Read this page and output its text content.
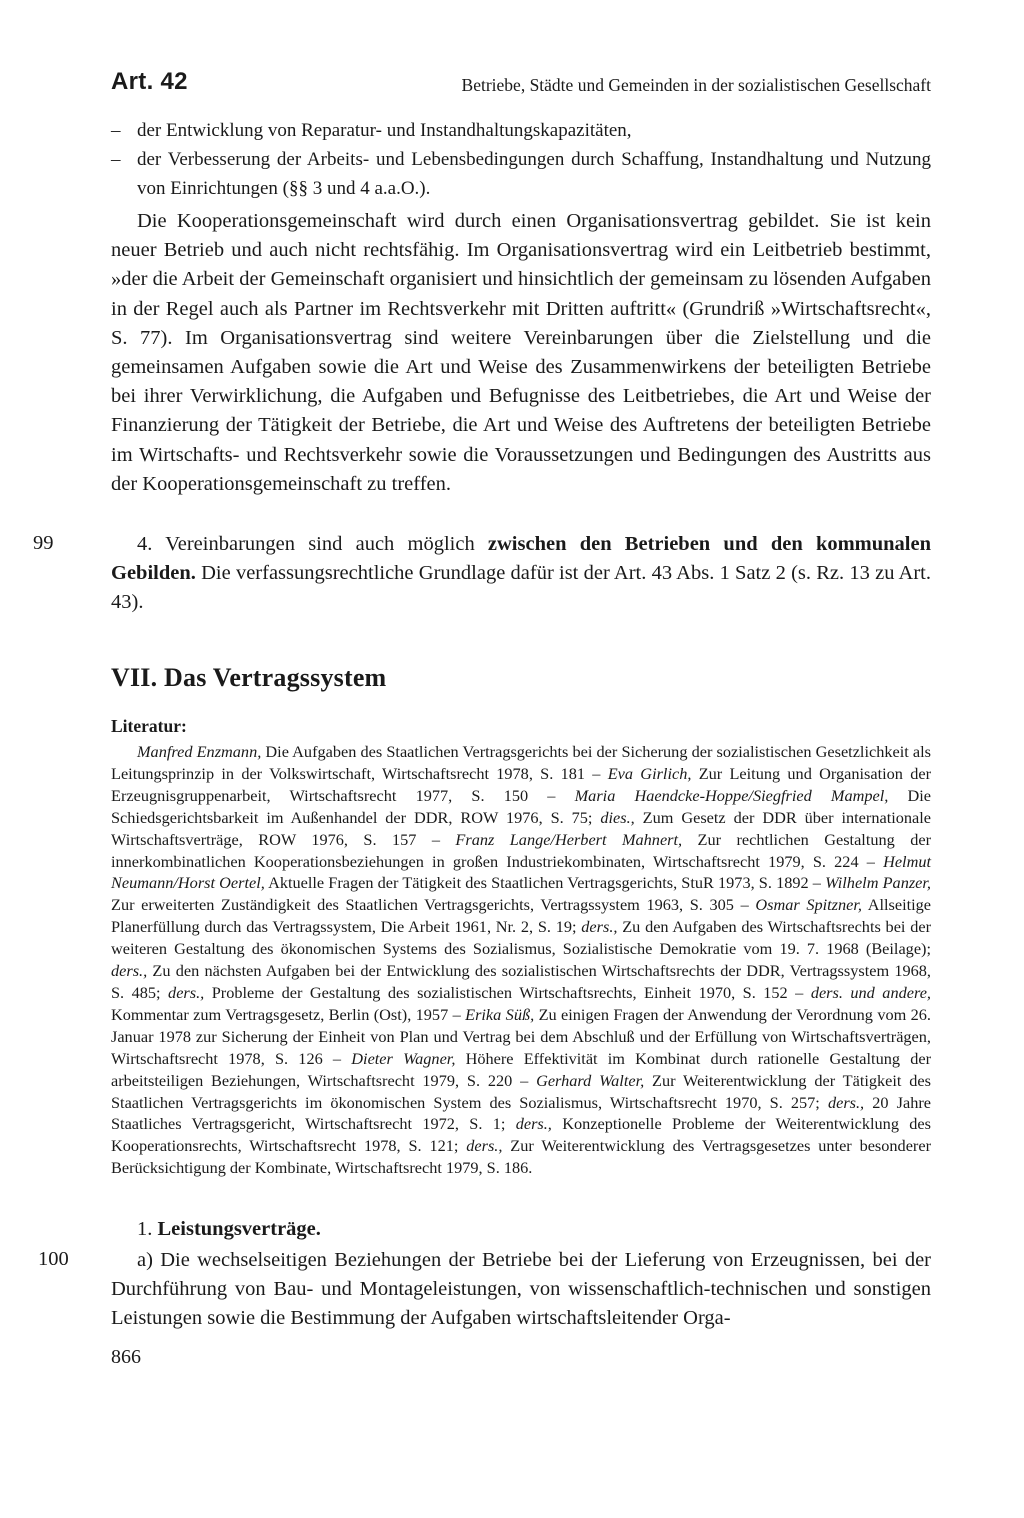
Art. 42	Betriebe, Städte und Gemeinden in der sozialistischen Gesellschaft
– der Entwicklung von Reparatur- und Instandhaltungskapazitäten,
– der Verbesserung der Arbeits- und Lebensbedingungen durch Schaffung, Instandhaltung und Nutzung von Einrichtungen (§§ 3 und 4 a.a.O.).

Die Kooperationsgemeinschaft wird durch einen Organisationsvertrag gebildet. Sie ist kein neuer Betrieb und auch nicht rechtsfähig. Im Organisationsvertrag wird ein Leitbetrieb bestimmt, »der die Arbeit der Gemeinschaft organisiert und hinsichtlich der gemeinsam zu lösenden Aufgaben in der Regel auch als Partner im Rechtsverkehr mit Dritten auftritt« (Grundriß »Wirtschaftsrecht«, S. 77). Im Organisationsvertrag sind weitere Vereinbarungen über die Zielstellung und die gemeinsamen Aufgaben sowie die Art und Weise des Zusammenwirkens der beteiligten Betriebe bei ihrer Verwirklichung, die Aufgaben und Befugnisse des Leitbetriebes, die Art und Weise der Finanzierung der Tätigkeit der Betriebe, die Art und Weise des Auftretens der beteiligten Betriebe im Wirtschafts- und Rechtsverkehr sowie die Voraussetzungen und Bedingungen des Austritts aus der Kooperationsgemeinschaft zu treffen.

99	4. Vereinbarungen sind auch möglich zwischen den Betrieben und den kommunalen Gebilden. Die verfassungsrechtliche Grundlage dafür ist der Art. 43 Abs. 1 Satz 2 (s. Rz. 13 zu Art. 43).

VII. Das Vertragssystem
Literatur:

Manfred Enzmann, Die Aufgaben des Staatlichen Vertragsgerichts bei der Sicherung der sozialistischen Gesetzlichkeit als Leitungsprinzip in der Volkswirtschaft, Wirtschaftsrecht 1978, S. 181 – Eva Girlich, Zur Leitung und Organisation der Erzeugnisgruppenarbeit, Wirtschaftsrecht 1977, S. 150 – Maria Haendcke-Hoppe/Siegfried Mampel, Die Schiedsgerichtsbarkeit im Außenhandel der DDR, ROW 1976, S. 75; dies., Zum Gesetz der DDR über internationale Wirtschaftsverträge, ROW 1976, S. 157 – Franz Lange/Herbert Mahnert, Zur rechtlichen Gestaltung der innerkombinatlichen Kooperationsbeziehungen in großen Industriekombinaten, Wirtschaftsrecht 1979, S. 224 – Helmut Neumann/Horst Oertel, Aktuelle Fragen der Tätigkeit des Staatlichen Vertragsgerichts, StuR 1973, S. 1892 – Wilhelm Panzer, Zur erweiterten Zuständigkeit des Staatlichen Vertragsgerichts, Vertragssystem 1963, S. 305 – Osmar Spitzner, Allseitige Planerfüllung durch das Vertragssystem, Die Arbeit 1961, Nr. 2, S. 19; ders., Zu den Aufgaben des Wirtschaftsrechts bei der weiteren Gestaltung des ökonomischen Systems des Sozialismus, Sozialistische Demokratie vom 19. 7. 1968 (Beilage); ders., Zu den nächsten Aufgaben bei der Entwicklung des sozialistischen Wirtschaftsrechts der DDR, Vertragssystem 1968, S. 485; ders., Probleme der Gestaltung des sozialistischen Wirtschaftsrechts, Einheit 1970, S. 152 – ders. und andere, Kommentar zum Vertragsgesetz, Berlin (Ost), 1957 – Erika Süß, Zu einigen Fragen der Anwendung der Verordnung vom 26. Januar 1978 zur Sicherung der Einheit von Plan und Vertrag bei dem Abschluß und der Erfüllung von Wirtschaftsverträgen, Wirtschaftsrecht 1978, S. 126 – Dieter Wagner, Höhere Effektivität im Kombinat durch rationelle Gestaltung der arbeitsteiligen Beziehungen, Wirtschaftsrecht 1979, S. 220 – Gerhard Walter, Zur Weiterentwicklung der Tätigkeit des Staatlichen Vertragsgerichts im ökonomischen System des Sozialismus, Wirtschaftsrecht 1970, S. 257; ders., 20 Jahre Staatliches Vertragsgericht, Wirtschaftsrecht 1972, S. 1; ders., Konzeptionelle Probleme der Weiterentwicklung des Kooperationsrechts, Wirtschaftsrecht 1978, S. 121; ders., Zur Weiterentwicklung des Vertragsgesetzes unter besonderer Berücksichtigung der Kombinate, Wirtschaftsrecht 1979, S. 186.

1. Leistungsverträge.
100	a) Die wechselseitigen Beziehungen der Betriebe bei der Lieferung von Erzeugnissen, bei der Durchführung von Bau- und Montageleistungen, von wissenschaftlich-technischen und sonstigen Leistungen sowie die Bestimmung der Aufgaben wirtschaftsleitender Orga-

866
